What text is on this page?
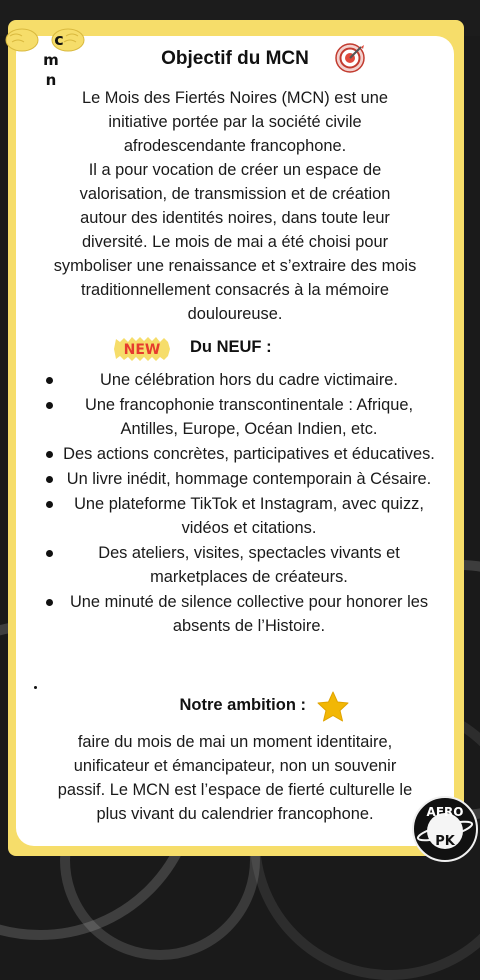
Objectif du MCN
Le Mois des Fiertés Noires (MCN) est une
initiative portée par la société civile
afrodescendante francophone.
Il a pour vocation de créer un espace de
valorisation, de transmission et de création
autour des identités noires, dans toute leur
diversité. Le mois de mai a été choisi pour
symboliser une renaissance et s’extraire des mois
traditionnellement consacrés à la mémoire
douloureuse.
NEW Du NEUF :
Une célébration hors du cadre victimaire.
Une francophonie transcontinentale : Afrique, Antilles, Europe, Océan Indien, etc.
Des actions concrètes, participatives et éducatives.
Un livre inédit, hommage contemporain à Césaire.
Une plateforme TikTok et Instagram, avec quizz, vidéos et citations.
Des ateliers, visites, spectacles vivants et marketplaces de créateurs.
Une minuté de silence collective pour honorer les absents de l’Histoire.
Notre ambition :
faire du mois de mai un moment identitaire,
unificateur et émancipateur, non un souvenir
passif. Le MCN est l’espace de fierté culturelle le
plus vivant du calendrier francophone.
c
m n
AFRO
PK
